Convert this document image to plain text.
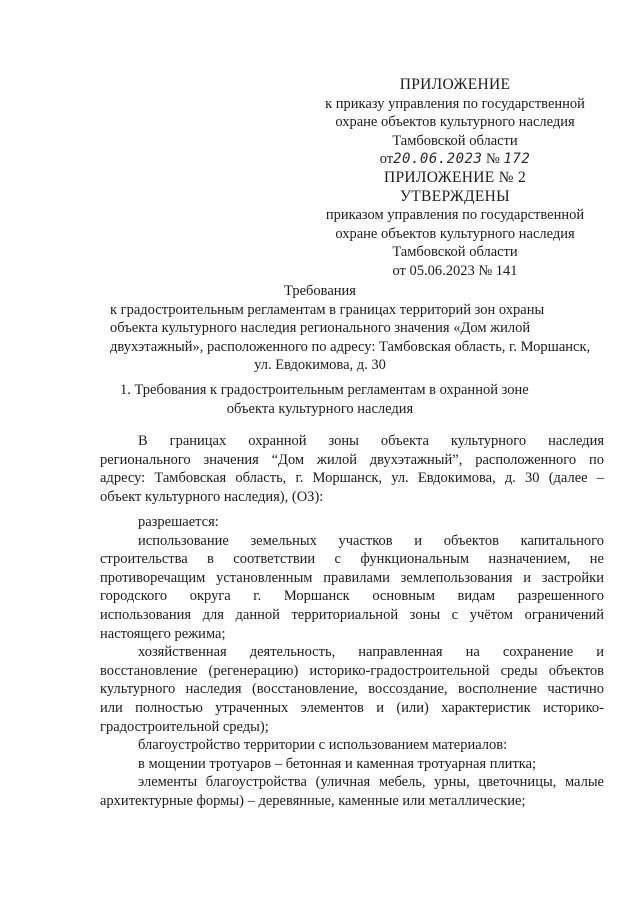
ПРИЛОЖЕНИЕ
к приказу управления по государственной
охране объектов культурного наследия
Тамбовской области
от20.06.2023 № 172
ПРИЛОЖЕНИЕ № 2
УТВЕРЖДЕНЫ
приказом управления по государственной
охране объектов культурного наследия
Тамбовской области
от 05.06.2023 № 141
Требования
к градостроительным регламентам в границах территорий зон охраны
объекта культурного наследия регионального значения «Дом жилой
двухэтажный», расположенного по адресу: Тамбовская область, г. Моршанск,
ул. Евдокимова, д. 30
1. Требования к градостроительным регламентам в охранной зоне
объекта культурного наследия
В границах охранной зоны объекта культурного наследия
регионального значения “Дом жилой двухэтажный”, расположенного по
адресу: Тамбовская область, г. Моршанск, ул. Евдокимова, д. 30 (далее –
объект культурного наследия), (ОЗ):
разрешается:
использование земельных участков и объектов капитального
строительства в соответствии с функциональным назначением, не
противоречащим установленным правилами землепользования и застройки
городского округа г. Моршанск основным видам разрешенного
использования для данной территориальной зоны с учётом ограничений
настоящего режима;
хозяйственная деятельность, направленная на сохранение и
восстановление (регенерацию) историко-градостроительной среды объектов
культурного наследия (восстановление, воссоздание, восполнение частично
или полностью утраченных элементов и (или) характеристик историко-
градостроительной среды);
благоустройство территории с использованием материалов:
в мощении тротуаров – бетонная и каменная тротуарная плитка;
элементы благоустройства (уличная мебель, урны, цветочницы, малые
архитектурные формы) – деревянные, каменные или металлические;
